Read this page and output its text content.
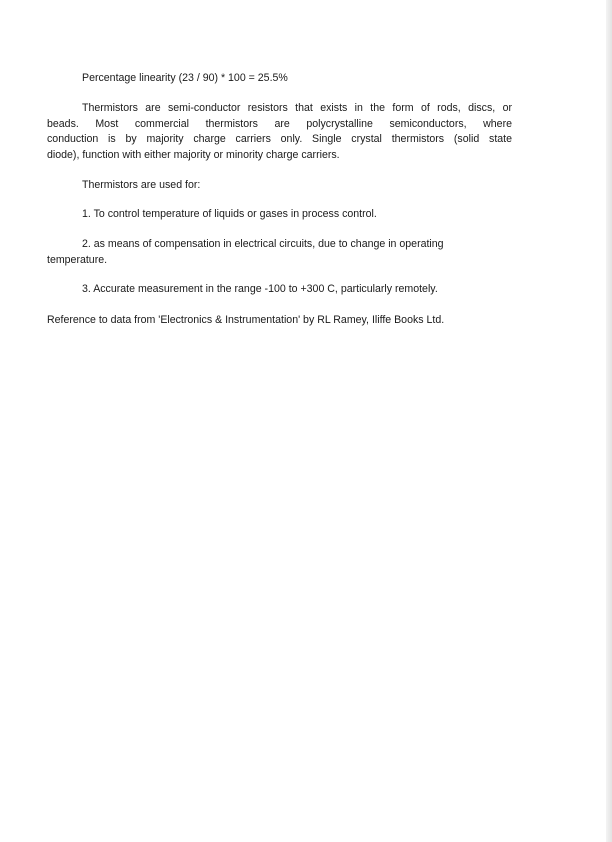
Percentage linearity (23 / 90) * 100 = 25.5%

Thermistors are semi-conductor resistors that exists in the form of rods, discs, or
beads. Most commercial thermistors are polycrystalline semiconductors, where
conduction is by majority charge carriers only. Single crystal thermistors (solid state
diode), function with either majority or minority charge carriers.

Thermistors are used for:

1. To control temperature of liquids or gases in process control.

2. as means of compensation in electrical circuits, due to change in operating
temperature.

3. Accurate measurement in the range -100 to +300 C, particularly remotely.

Reference to data from 'Electronics & Instrumentation' by RL Ramey, Iliffe Books Ltd.
